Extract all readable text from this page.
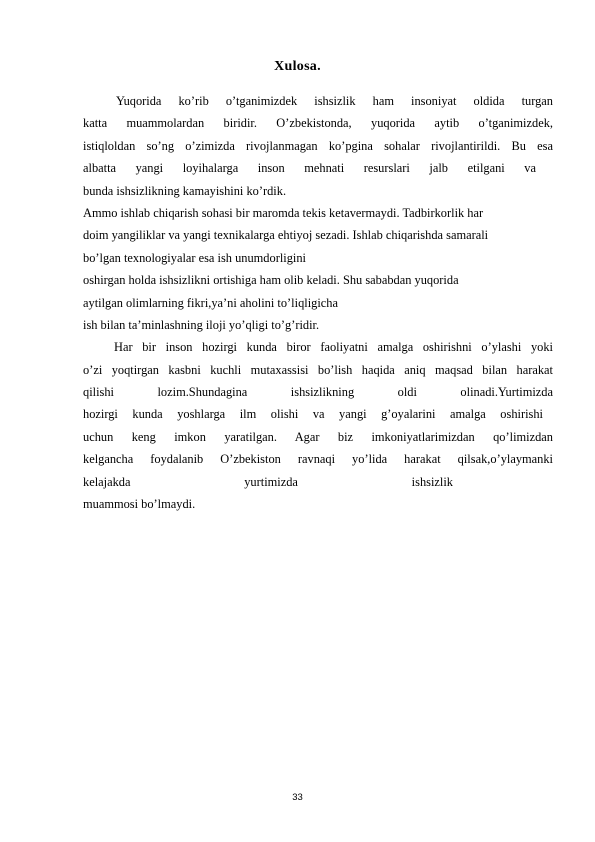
Xulosa.
Yuqorida ko’rib o’tganimizdek ishsizlik ham insoniyat oldida turgan
katta muammolardan biridir. O’zbekistonda, yuqorida aytib o’tganimizdek,
istiqloldan so’ng o’zimizda rivojlanmagan ko’pgina sohalar rivojlantirildi. Bu esa
albatta yangi loyihalarga inson mehnati resurslari jalb etilgani va
bunda ishsizlikning kamayishini ko’rdik.
Ammo ishlab chiqarish sohasi bir maromda tekis ketavermaydi. Tadbirkorlik har
doim yangiliklar va yangi texnikalarga ehtiyoj sezadi. Ishlab chiqarishda samarali
bo’lgan texnologiyalar esa ish unumdorligini
oshirgan holda ishsizlikni ortishiga ham olib keladi. Shu sababdan yuqorida
aytilgan olimlarning fikri,ya’ni aholini to’liqligicha
ish bilan ta’minlashning iloji yo’qligi to’g’ridir.
Har bir inson hozirgi kunda biror faoliyatni amalga oshirishni o’ylashi yoki
o’zi yoqtirgan kasbni kuchli mutaxassisi bo’lish haqida aniq maqsad bilan harakat
qilishi lozim.Shundagina ishsizlikning oldi olinadi.Yurtimizda
hozirgi kunda yoshlarga ilm olishi va yangi g’oyalarini amalga oshirishi
uchun keng imkon yaratilgan. Agar biz imkoniyatlarimizdan qo’limizdan
kelgancha foydalanib O’zbekiston ravnaqi yo’lida harakat qilsak,o’ylaymanki
kelajakda yurtimizda ishsizlik
muammosi bo’lmaydi.
33
